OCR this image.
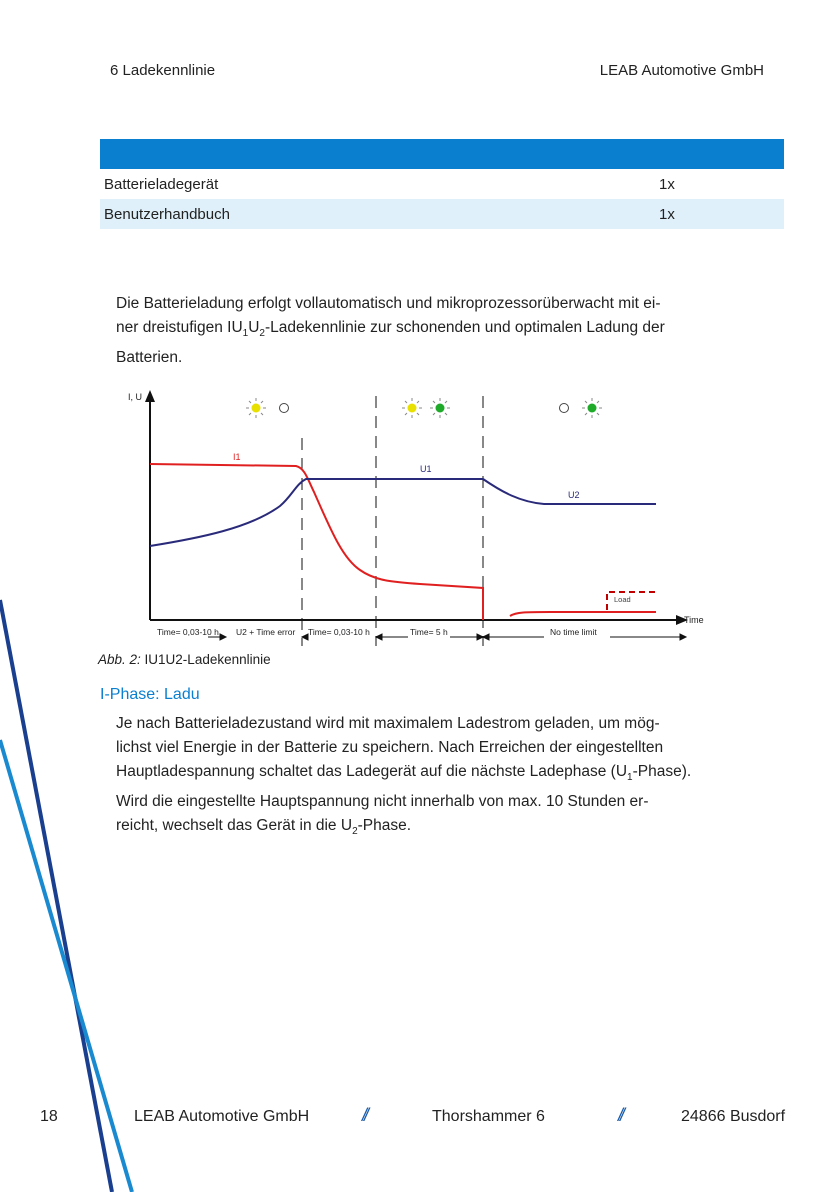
6 Ladekennlinie	LEAB Automotive GmbH
Batterieladegerät	1x
Benutzerhandbuch	1x
Die Batterieladung erfolgt vollautomatisch und mikroprozessorüberwacht mit ei-
ner dreistufigen $IU_1U_2$-Ladekennlinie zur schonenden und optimalen Ladung der
Batterien.
I, U
Time
Load
I1
U1
U2
Time= 0,03-10 h U2 + Time error Time= 0,03-10 h	Time= 5 h	No time limit
Abb. 2: IU1U2-Ladekennlinie
I-Phase: Ladu
Je nach Batterieladezustand wird mit maximalem Ladestrom geladen, um mög-
lichst viel Energie in der Batterie zu speichern. Nach Erreichen der eingestellten
Hauptladespannung schaltet das Ladegerät auf die nächste Ladephase $(U_1-Phase)$.
Wird die eingestellte Hauptspannung nicht innerhalb von max. 10 Stunden er-
reicht, wechselt das Gerät in die $U_2$-Phase.
18	LEAB Automotive GmbH	//	Thorshammer 6	//	24866 Busdorf
